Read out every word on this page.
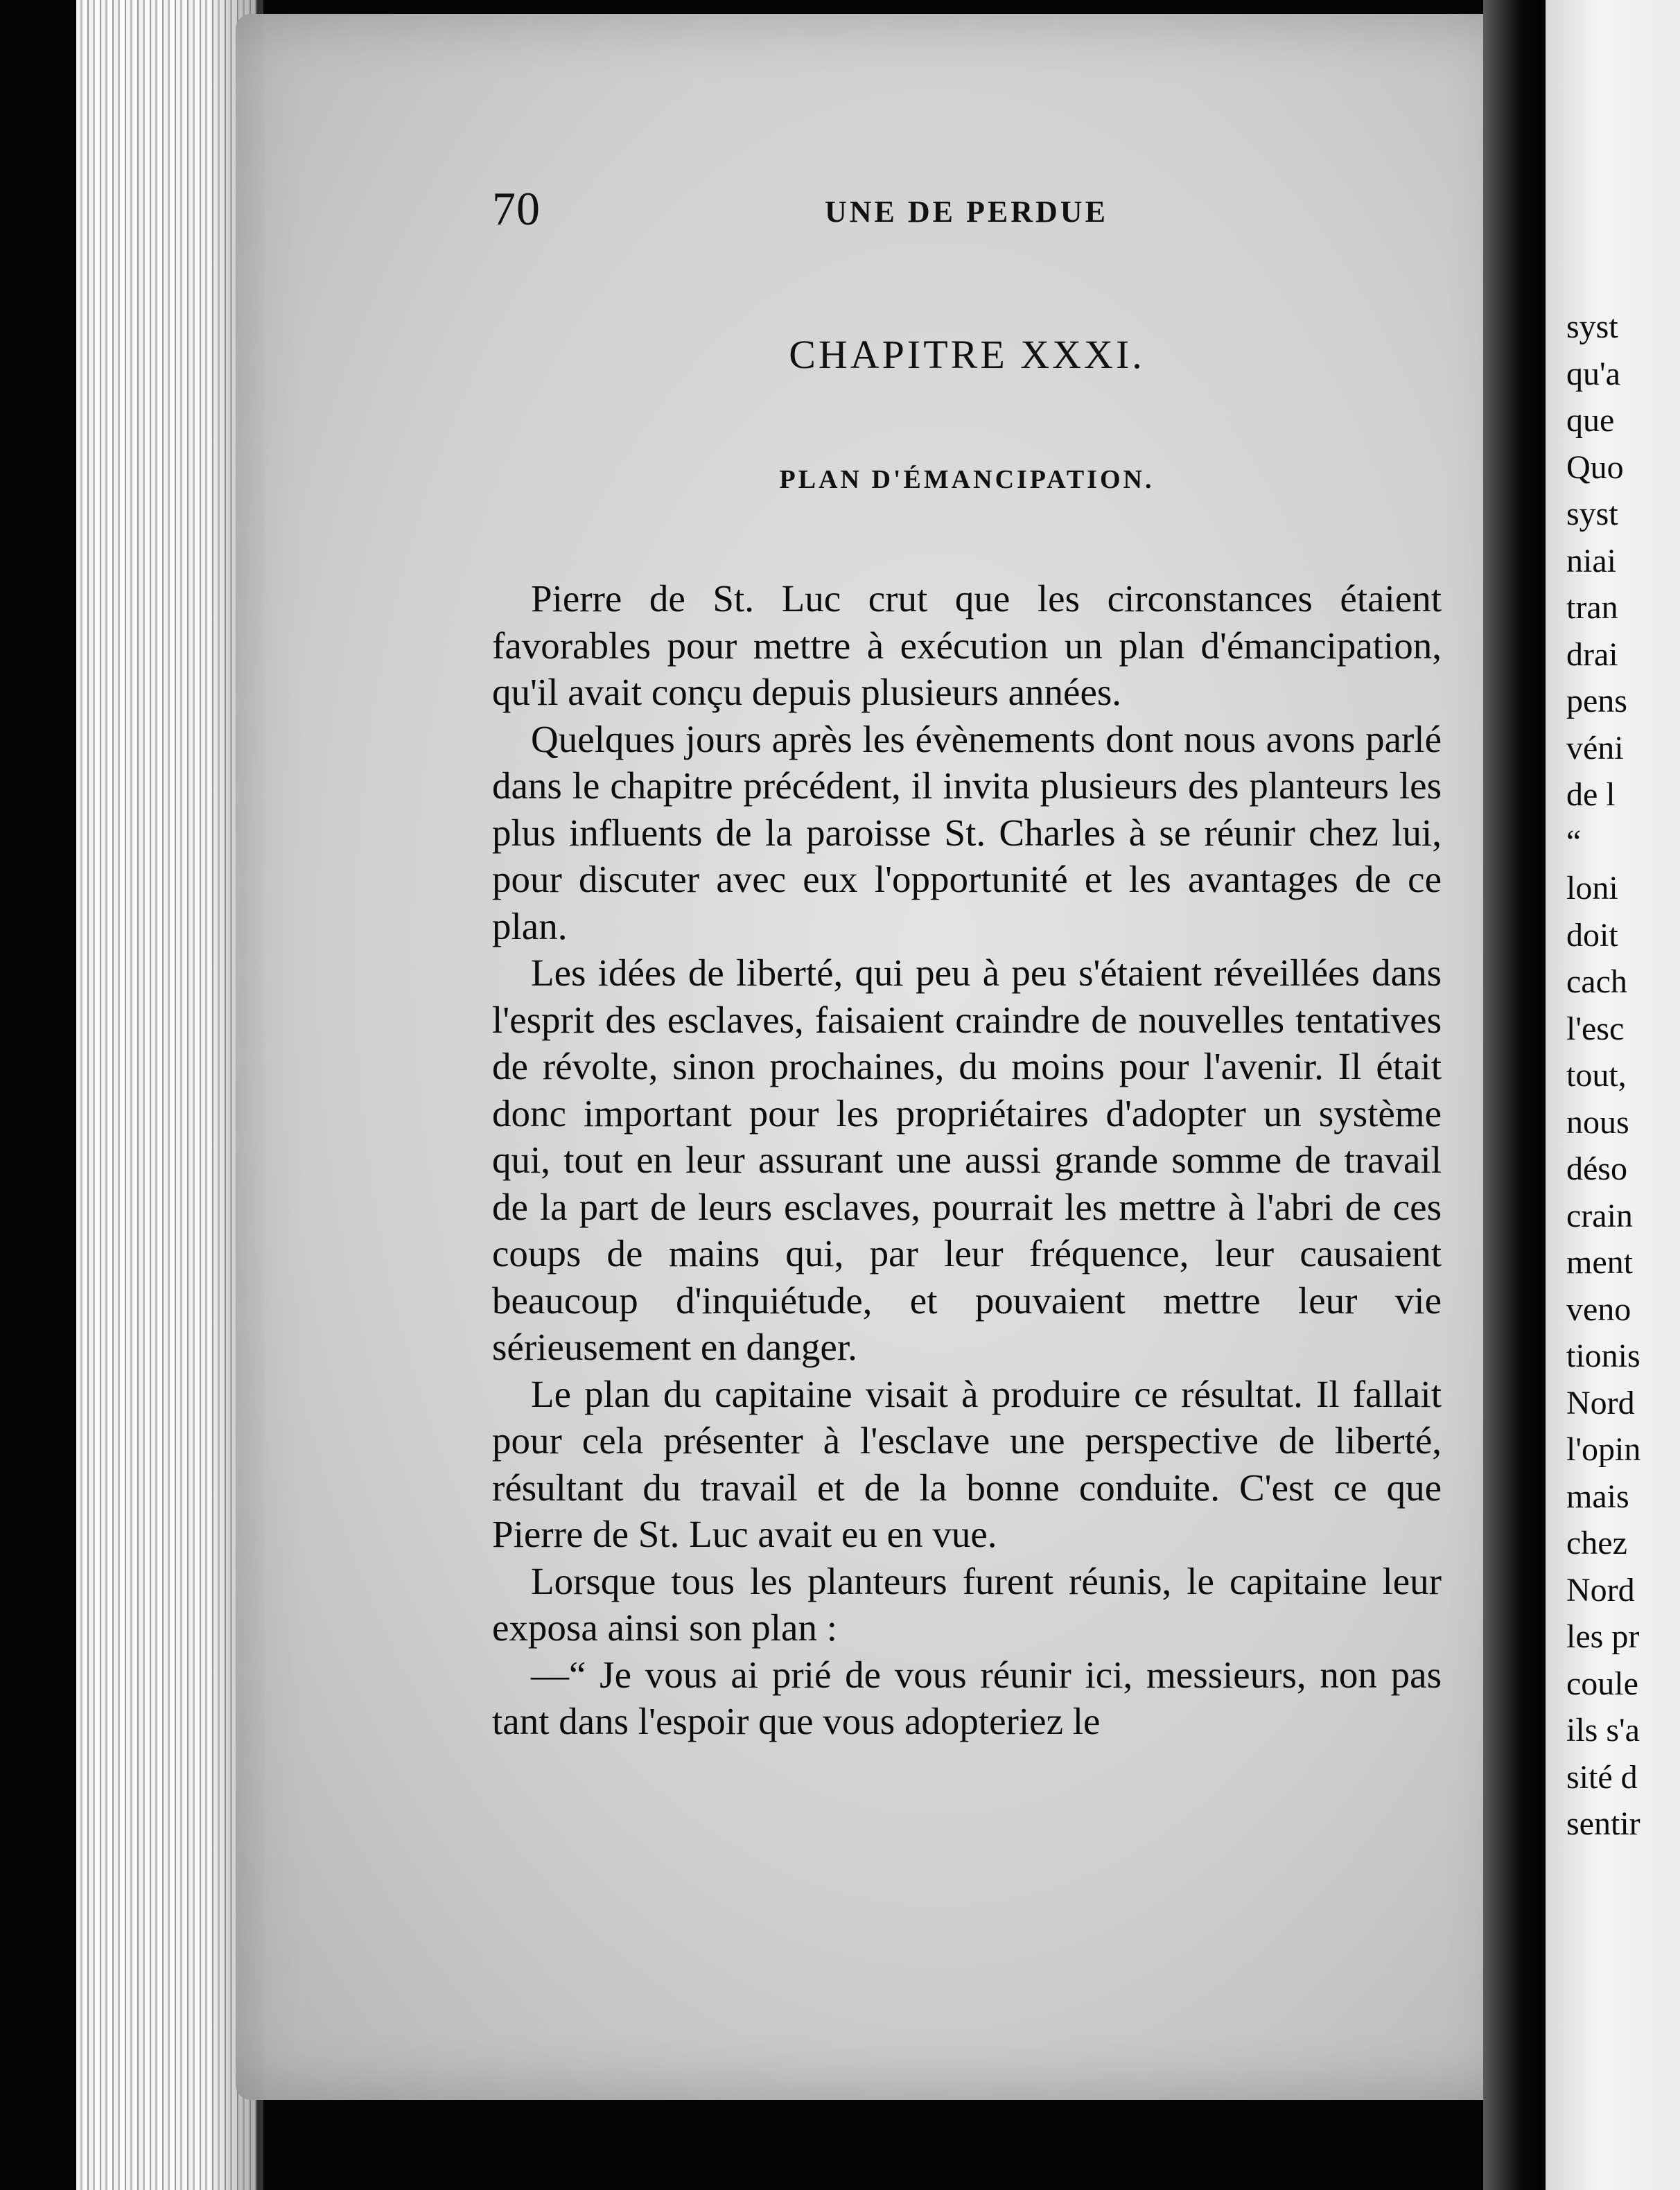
70	UNE DE PERDUE
CHAPITRE XXXI.
PLAN D'ÉMANCIPATION.

Pierre de St. Luc crut que les circonstances étaient favorables pour mettre à exécution un plan d'émancipation, qu'il avait conçu depuis plusieurs années.

Quelques jours après les évènements dont nous avons parlé dans le chapitre précédent, il invita plusieurs des planteurs les plus influents de la paroisse St. Charles à se réunir chez lui, pour discuter avec eux l'opportunité et les avantages de ce plan.

Les idées de liberté, qui peu à peu s'étaient réveillées dans l'esprit des esclaves, faisaient craindre de nouvelles tentatives de révolte, sinon prochaines, du moins pour l'avenir. Il était donc important pour les propriétaires d'adopter un système qui, tout en leur assurant une aussi grande somme de travail de la part de leurs esclaves, pourrait les mettre à l'abri de ces coups de mains qui, par leur fréquence, leur causaient beaucoup d'inquiétude, et pouvaient mettre leur vie sérieusement en danger.

Le plan du capitaine visait à produire ce résultat. Il fallait pour cela présenter à l'esclave une perspective de liberté, résultant du travail et de la bonne conduite. C'est ce que Pierre de St. Luc avait eu en vue.

Lorsque tous les planteurs furent réunis, le capitaine leur exposa ainsi son plan :

—“ Je vous ai prié de vous réunir ici, messieurs, non pas tant dans l'espoir que vous adopteriez le

syst
qu'a
que
Quo
syst
niai
tran
drai
pens
véni
de l
“
loni
doit
cach
l'esc
tout,
nous
déso
crain
ment
veno
tionis
Nord
l'opin
mais
chez
Nord
les pr
coule
ils s'a
sité d
sentir
